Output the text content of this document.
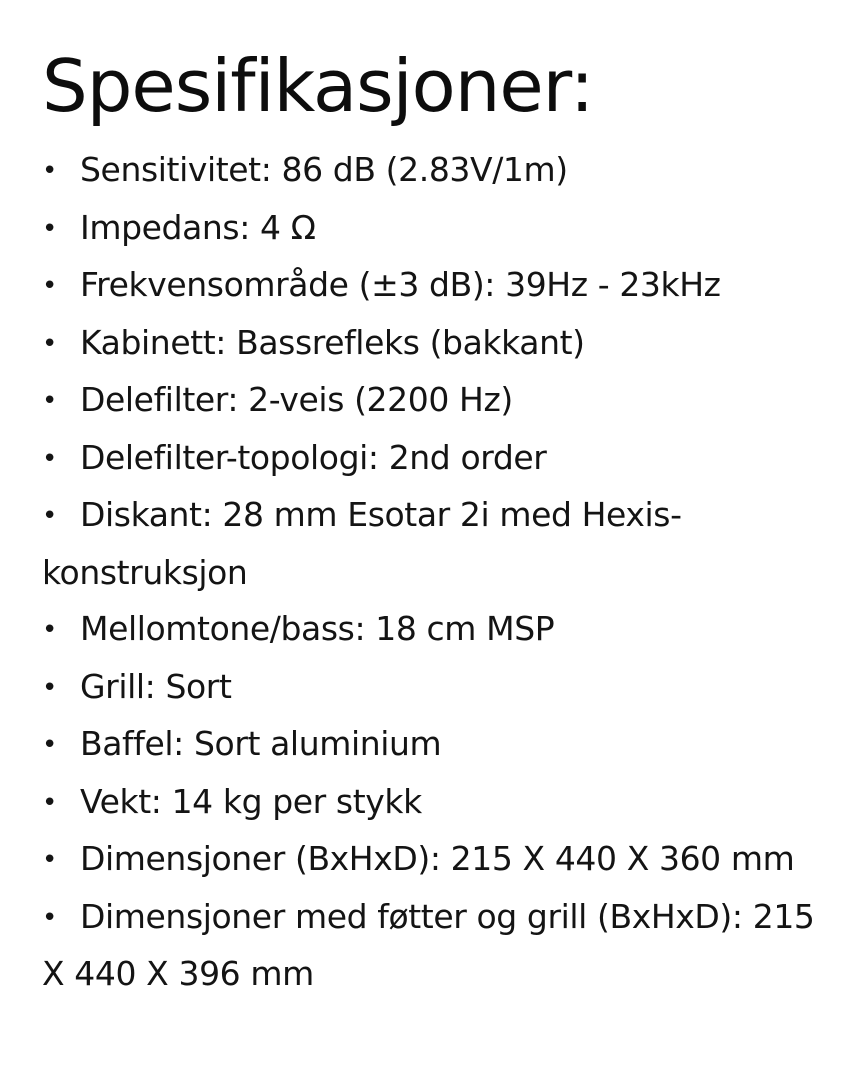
Spesifikasjoner:
• Sensitivitet: 86 dB (2.83V/1m)
• Impedans: 4 Ω
• Frekvensområde (±3 dB): 39Hz - 23kHz
• Kabinett: Bassrefleks (bakkant)
• Delefilter: 2-veis (2200 Hz)
• Delefilter-topologi: 2nd order
• Diskant: 28 mm Esotar 2i med Hexis-konstruksjon
• Mellomtone/bass: 18 cm MSP
• Grill: Sort
• Baffel: Sort aluminium
• Vekt: 14 kg per stykk
• Dimensjoner (BxHxD): 215 X 440 X 360 mm
• Dimensjoner med føtter og grill (BxHxD): 215 X 440 X 396 mm
